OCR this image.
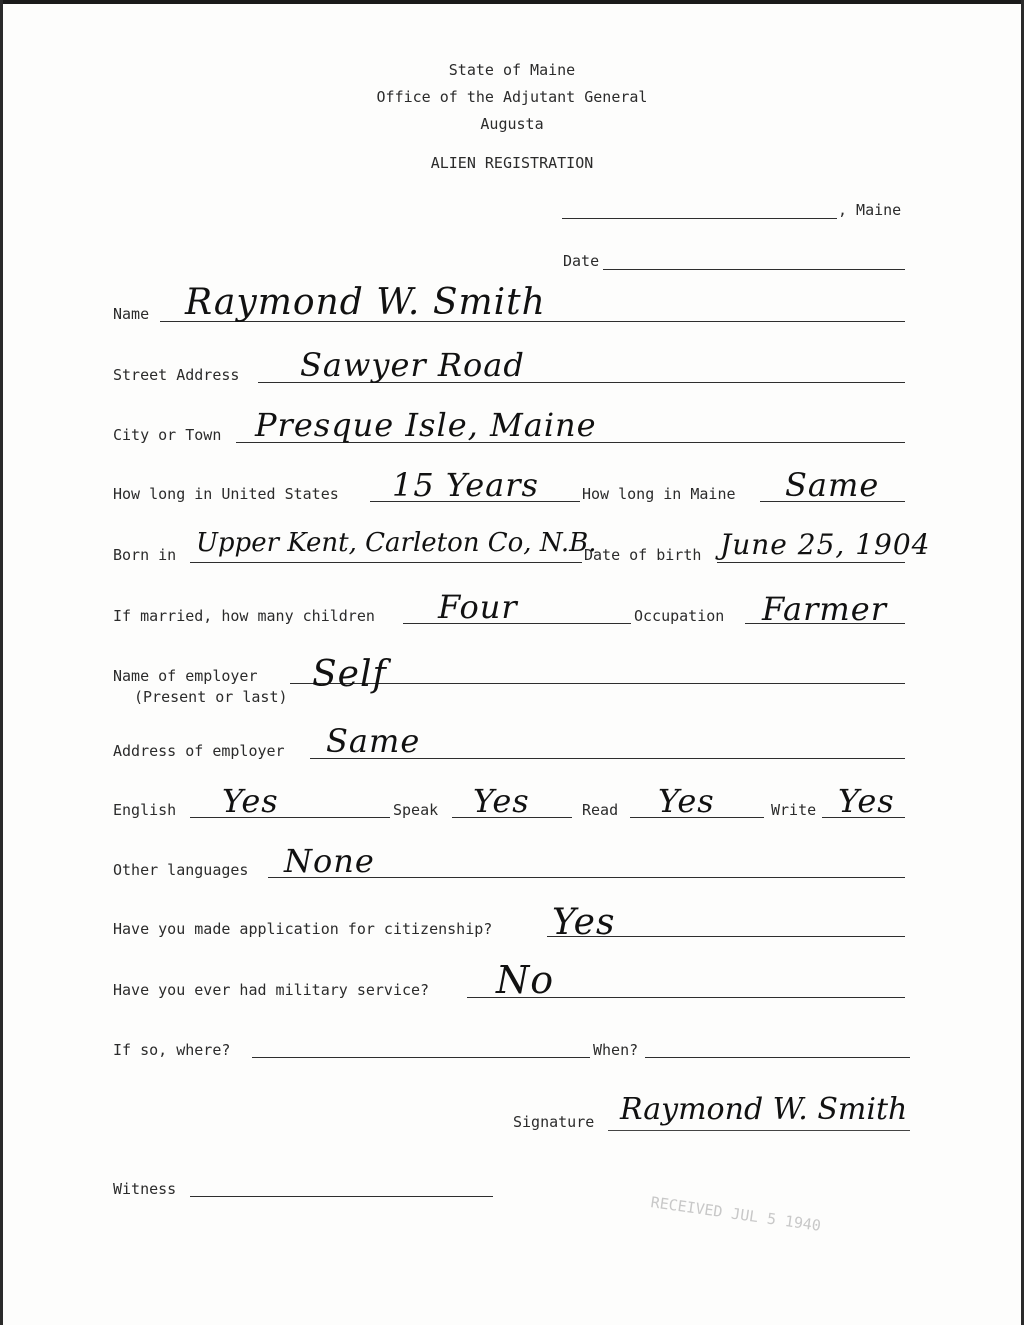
State of Maine
Office of the Adjutant General
Augusta
ALIEN REGISTRATION
, Maine
Date
Name Raymond W. Smith
Street Address Sawyer Road
City or Town Presque Isle, Maine
How long in United States 15 Years	How long in Maine Same
Born in Upper Kent, Carleton Co, N.B.
Date of birth June 25, 1904
If married, how many children Four	Occupation Farmer
Name of employer
(Present or last)
Self
Address of employer Same
English Yes	Speak Yes	Read Yes	Write Yes
Other languages None
Have you made application for citizenship? Yes
Have you ever had military service? No
If so, where?	When?
Signature Raymond W. Smith
Witness
RECEIVED JUL 5 1940
